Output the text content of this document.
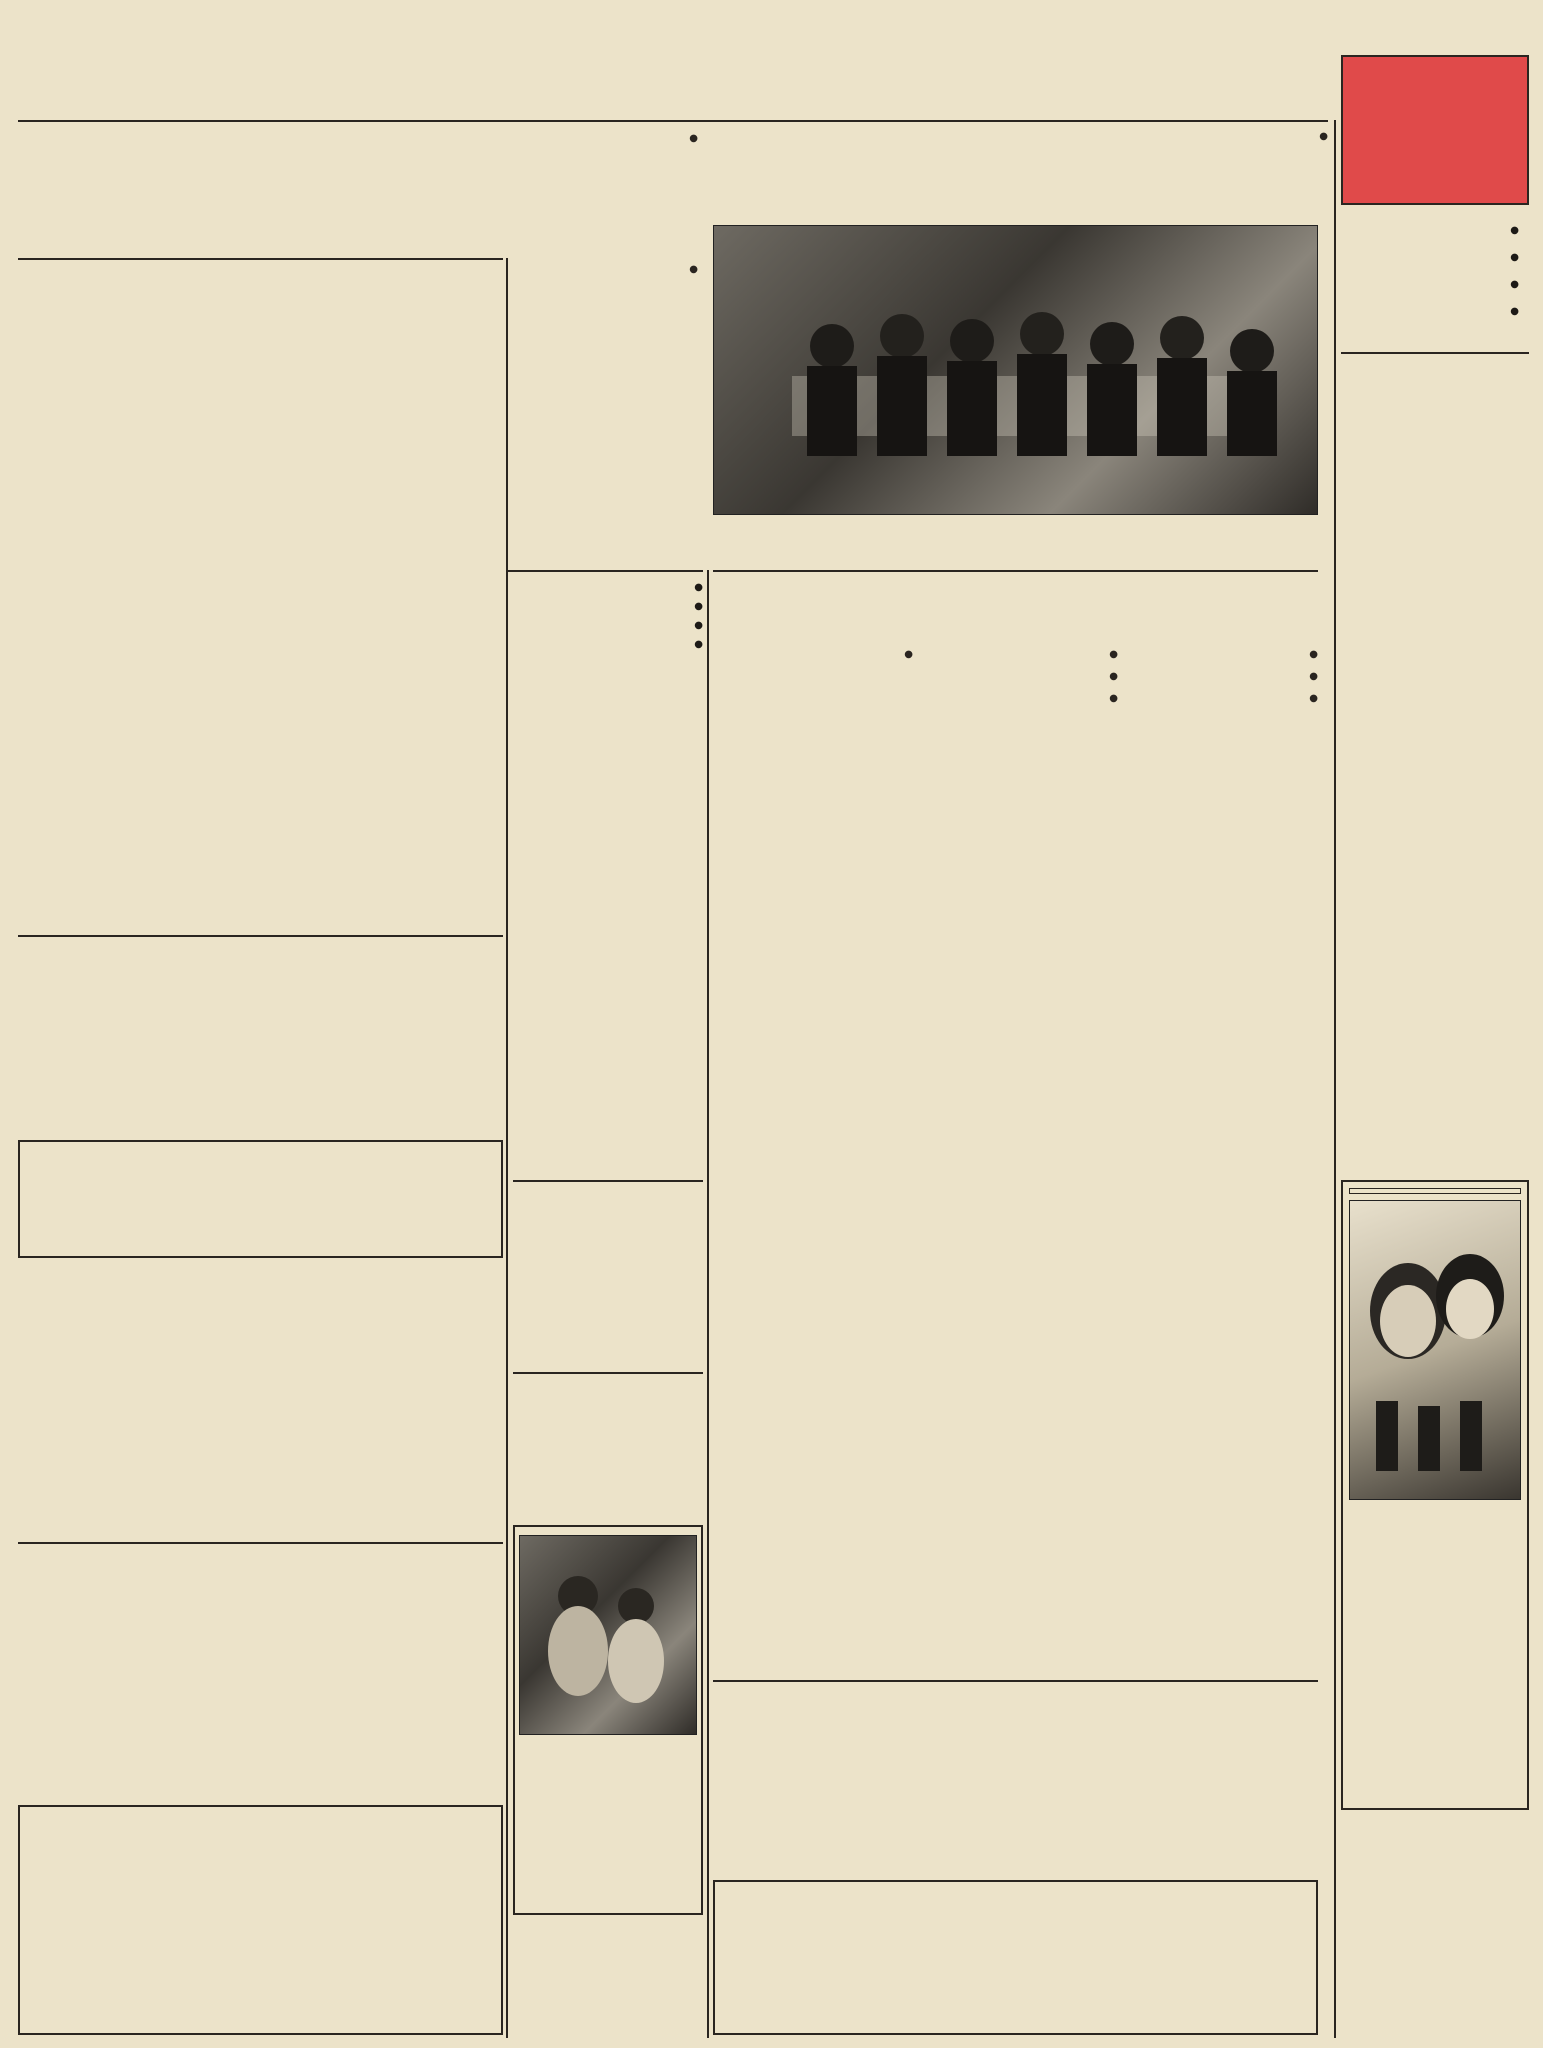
●
●
●
●
●
●
●

●

●

●

●

●

●

●

●
●
●
●
